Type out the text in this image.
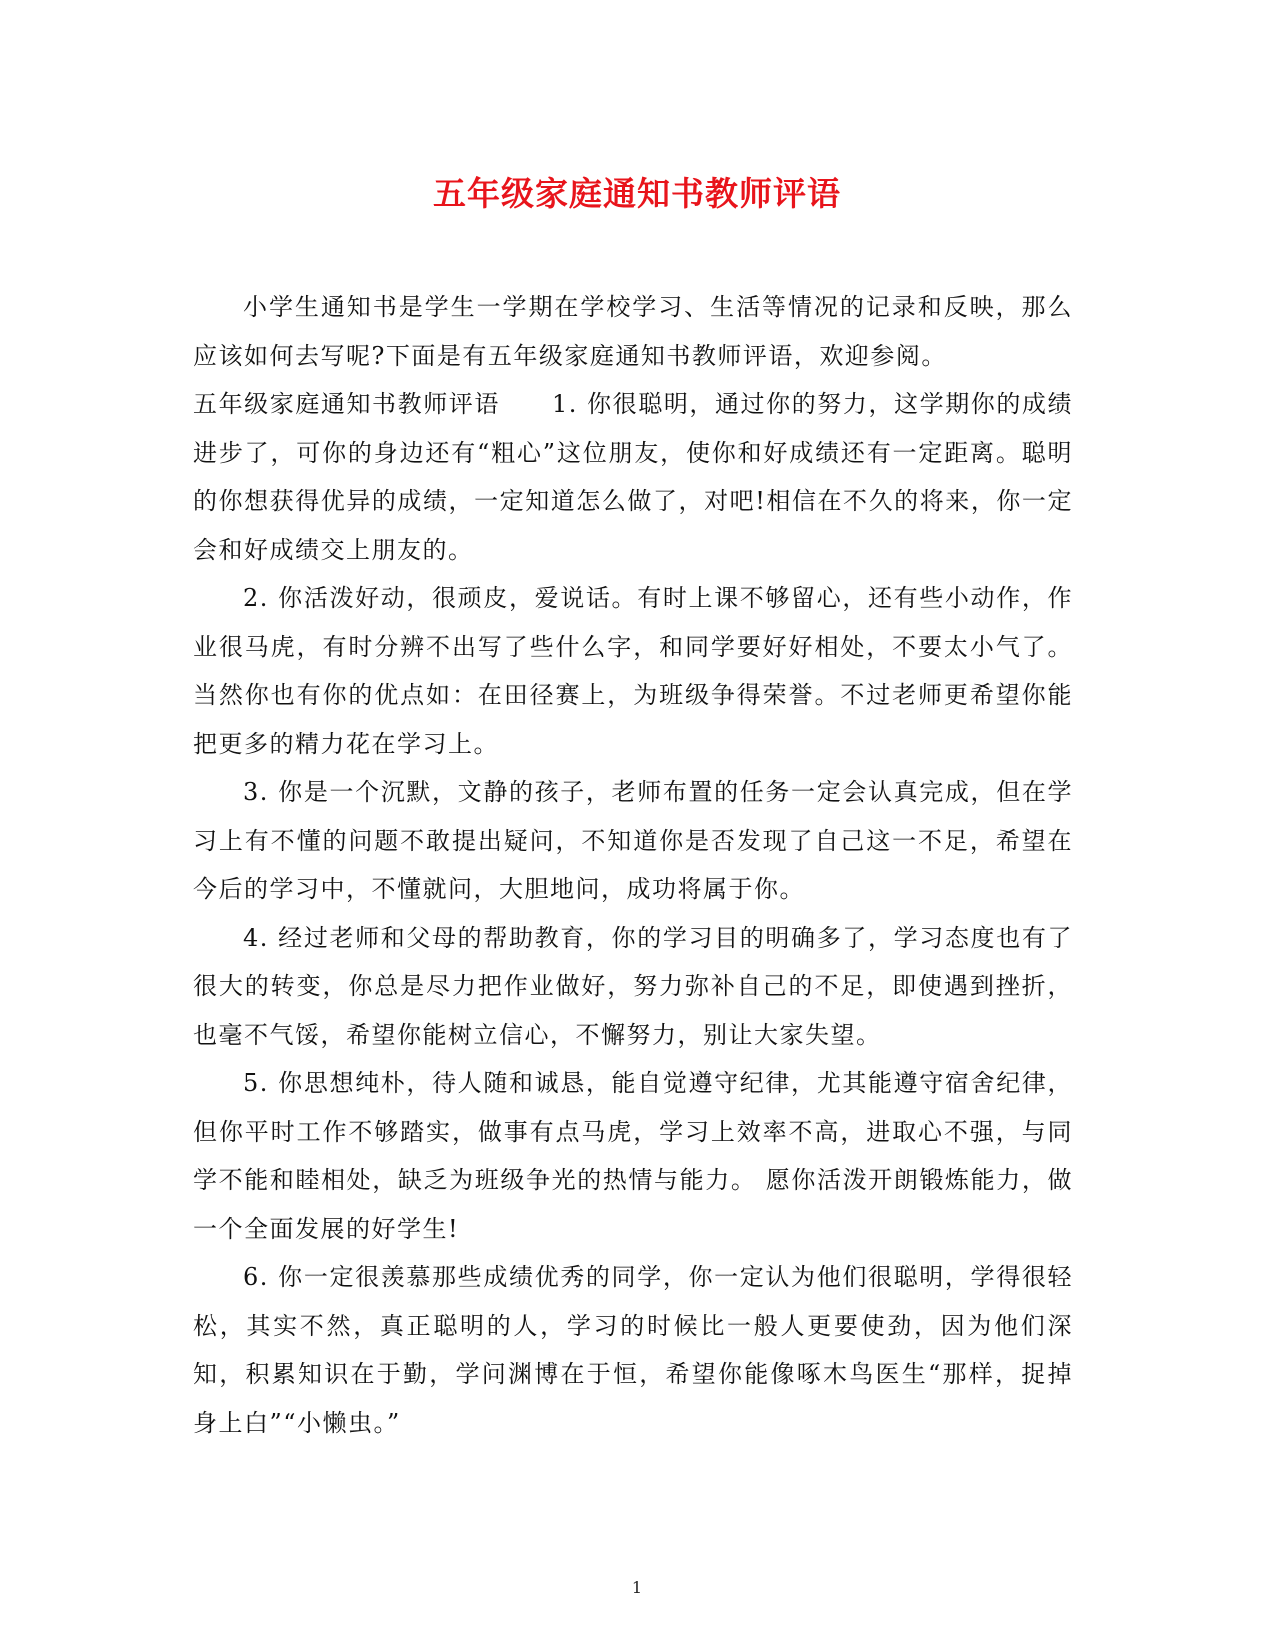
五年级家庭通知书教师评语

小学生通知书是学生一学期在学校学习、生活等情况的记录和反映，那么应该如何去写呢?下面是有五年级家庭通知书教师评语，欢迎参阅。

五年级家庭通知书教师评语 1. 你很聪明，通过你的努力，这学期你的成绩进步了，可你的身边还有“粗心”这位朋友，使你和好成绩还有一定距离。聪明的你想获得优异的成绩，一定知道怎么做了，对吧!相信在不久的将来，你一定会和好成绩交上朋友的。

2. 你活泼好动，很顽皮，爱说话。有时上课不够留心，还有些小动作，作业很马虎，有时分辨不出写了些什么字，和同学要好好相处，不要太小气了。当然你也有你的优点如：在田径赛上，为班级争得荣誉。不过老师更希望你能把更多的精力花在学习上。

3. 你是一个沉默，文静的孩子，老师布置的任务一定会认真完成，但在学习上有不懂的问题不敢提出疑问，不知道你是否发现了自己这一不足，希望在今后的学习中，不懂就问，大胆地问，成功将属于你。

4. 经过老师和父母的帮助教育，你的学习目的明确多了，学习态度也有了很大的转变，你总是尽力把作业做好，努力弥补自己的不足，即使遇到挫折，也毫不气馁，希望你能树立信心，不懈努力，别让大家失望。

5. 你思想纯朴，待人随和诚恳，能自觉遵守纪律，尤其能遵守宿舍纪律，但你平时工作不够踏实，做事有点马虎，学习上效率不高，进取心不强，与同学不能和睦相处，缺乏为班级争光的热情与能力。 愿你活泼开朗锻炼能力，做一个全面发展的好学生!

6. 你一定很羡慕那些成绩优秀的同学，你一定认为他们很聪明，学得很轻松，其实不然，真正聪明的人，学习的时候比一般人更要使劲，因为他们深知，积累知识在于勤，学问渊博在于恒，希望你能像啄木鸟医生“那样，捉掉身上白”“小懒虫。”

1
